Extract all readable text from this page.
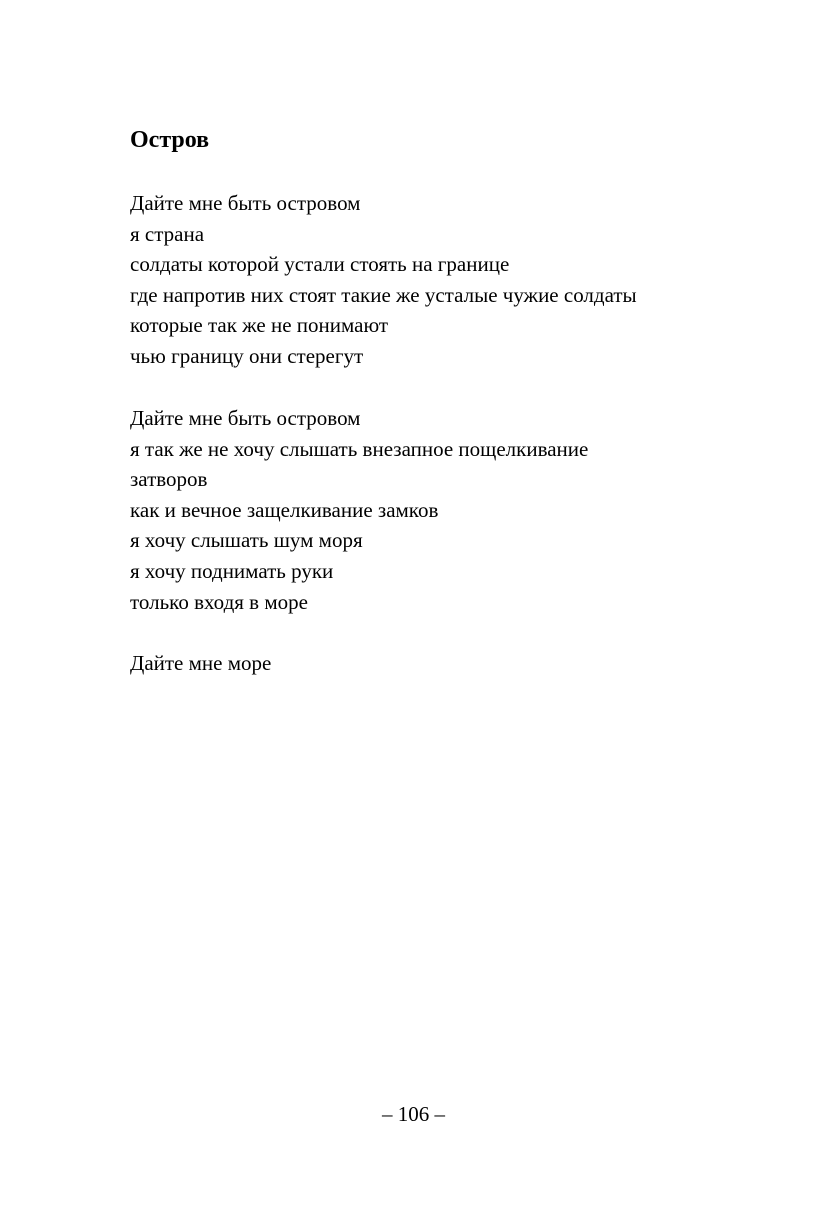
Остров
Дайте мне быть островом
я страна
солдаты которой устали стоять на границе
где напротив них стоят такие же усталые чужие солдаты
которые так же не понимают
чью границу они стерегут
Дайте мне быть островом
я так же не хочу слышать внезапное пощелкивание
затворов
как и вечное защелкивание замков
я хочу слышать шум моря
я хочу поднимать руки
только входя в море
Дайте мне море
– 106 –
